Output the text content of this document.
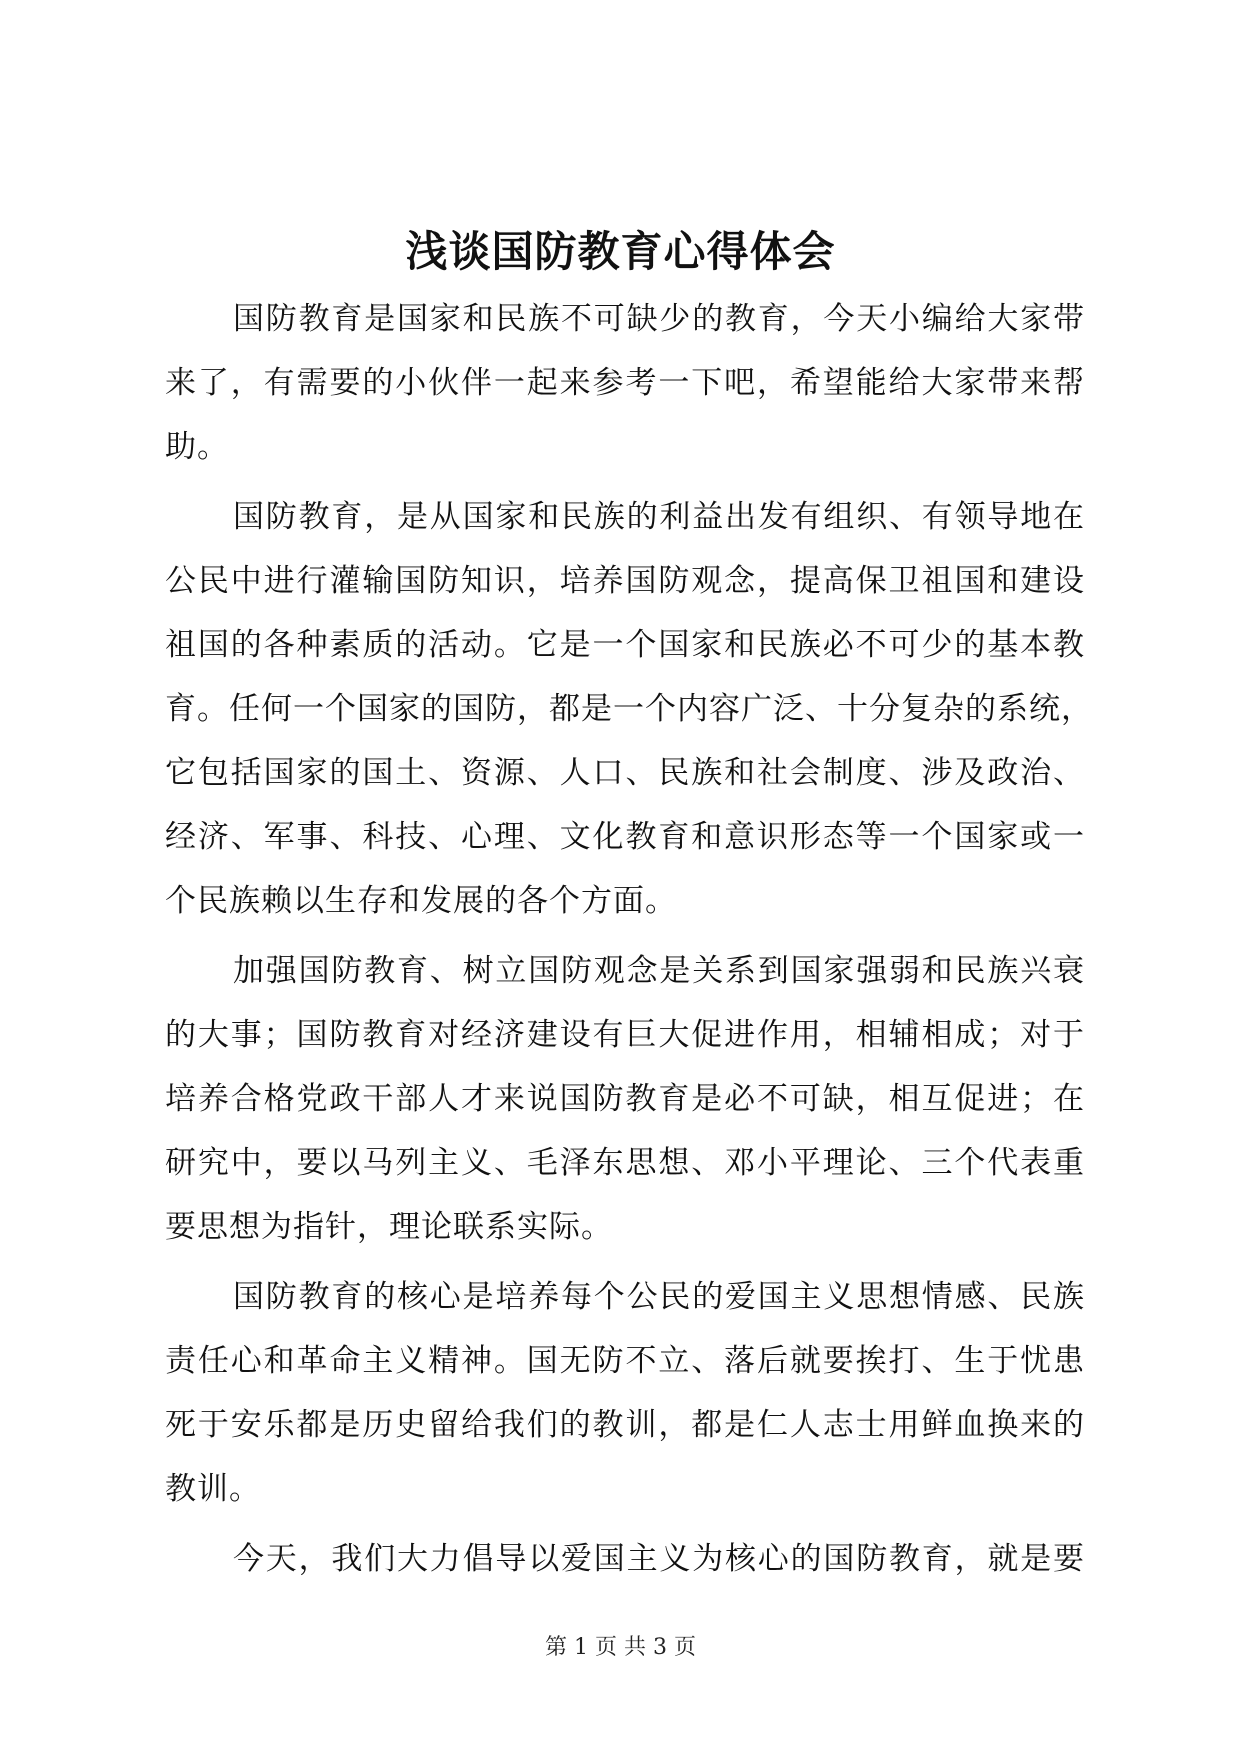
浅谈国防教育心得体会
国防教育是国家和民族不可缺少的教育，今天小编给大家带
来了，有需要的小伙伴一起来参考一下吧，希望能给大家带来帮
助。
国防教育，是从国家和民族的利益出发有组织、有领导地在
公民中进行灌输国防知识，培养国防观念，提高保卫祖国和建设
祖国的各种素质的活动。它是一个国家和民族必不可少的基本教
育。任何一个国家的国防，都是一个内容广泛、十分复杂的系统，
它包括国家的国土、资源、人口、民族和社会制度、涉及政治、
经济、军事、科技、心理、文化教育和意识形态等一个国家或一
个民族赖以生存和发展的各个方面。
加强国防教育、树立国防观念是关系到国家强弱和民族兴衰
的大事；国防教育对经济建设有巨大促进作用，相辅相成；对于
培养合格党政干部人才来说国防教育是必不可缺，相互促进；在
研究中，要以马列主义、毛泽东思想、邓小平理论、三个代表重
要思想为指针，理论联系实际。
国防教育的核心是培养每个公民的爱国主义思想情感、民族
责任心和革命主义精神。国无防不立、落后就要挨打、生于忧患
死于安乐都是历史留给我们的教训，都是仁人志士用鲜血换来的
教训。
今天，我们大力倡导以爱国主义为核心的国防教育，就是要
第 1 页 共 3 页
